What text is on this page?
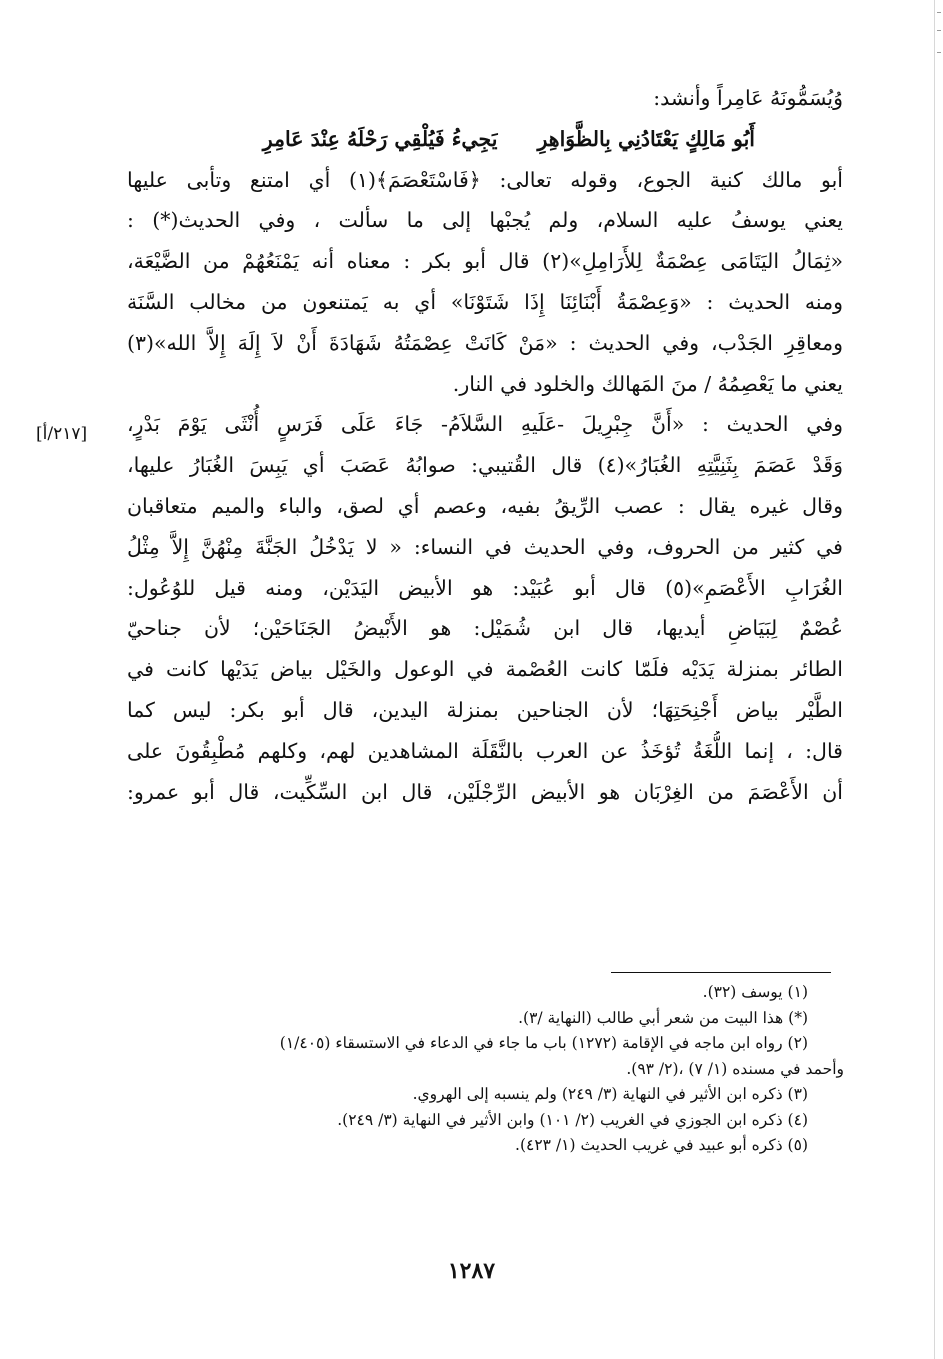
وُيُسَمُّونَهُ عَامِراً وأنشد:
أَبُو مَالِكٍ يَعْتَادُنِي بِالظَّوَاهِرِ
يَجِيءُ فَيُلْقِي رَحْلَهُ عِنْدَ عَامِرِ
أبو مالك كنية الجوع، وقوله تعالى: ﴿فَاسْتَعْصَمَ﴾(١) أي امتنع وتأبى عليها
يعني يوسفُ عليه السلام، ولم يُجبْها إلى ما سألت ، وفي الحديث(*) :
«ثِمَالُ اليَتَامَى عِصْمَةٌ لِلأَرَامِلِ»(٢) قال أبو بكر : معناه أنه يَمْنَعُهُمْ من الضَّيْعَة،
ومنه الحديث : «وَعِصْمَةُ أَبْنَائِنَا إِذَا شَتَوْنَا» أي به يَمتنعون من مخالب السَّنَة
ومعاقِرِ الجَدْب، وفي الحديث : «مَنْ كَانَتْ عِصْمَتُهُ شَهَادَةَ أَنْ لاَ إِلَهَ إِلاَّ الله»(٣)
يعني ما يَعْصِمُهُ / منَ المَهالك والخلود في النار.
وفي الحديث : «أَنَّ جِبْرِيلَ -عَلَيهِ السَّلاَمُ- جَاءَ عَلَى فَرَسٍ أُنْثَى يَوْمَ بَدْرٍ،
وَقَدْ عَصَمَ بِثَنِيَّتِهِ الغُبَارُ»(٤) قال القُتيبي: صوابُهُ عَصَبَ أي يَبِسَ الغُبَارُ عليها،
وقال غيره يقال : عصب الرِّيقُ بفيه، وعصم أي لصق، والباء والميم متعاقبان
في كثير من الحروف، وفي الحديث في النساء: « لا يَدْخُلُ الجَنَّةَ مِنْهُنَّ إِلاَّ مِثْلُ
الغُرَابِ الأَعْصَمِ»(٥) قال أبو عُبَيْد: هو الأبيض اليَدَيْن، ومنه قيل للوُعُول:
عُصْمٌ لِبَيَاضِ أيديها، قال ابن شُمَيْل: هو الأَبْيضُ الجَنَاحَيْن؛ لأن جناحيّ
الطائر بمنزلة يَدَيْه فلَمّا كانت العُصْمة في الوعول والخَيْل بياض يَدَيْها كانت في
الطَّيْر بياض أَجْنِحَتِهَا؛ لأن الجناحين بمنزلة اليدين، قال أبو بكر: ليس كما
قال: ، إنما اللُّغَةُ تُؤخَذُ عن العرب بالنَّقَلَة المشاهدين لهم، وكلهم مُطْبِقُونَ على
أن الأَعْصَمَ من الغِرْبَان هو الأبيض الرِّجْلَيْن، قال ابن السِّكِّيت، قال أبو عمرو:
[٢١٧/أ]
(١) يوسف (٣٢).
(*) هذا البيت من شعر أبي طالب (النهاية /٣).
(٢) رواه ابن ماجه في الإقامة (١٢٧٢) باب ما جاء في الدعاء في الاستسقاء (١/٤٠٥)
وأحمد في مسنده (١/ ٧) ،(٢/ ٩٣).
(٣) ذكره ابن الأثير في النهاية (٣/ ٢٤٩) ولم ينسبه إلى الهروي.
(٤) ذكره ابن الجوزي في الغريب (٢/ ١٠١) وابن الأثير في النهاية (٣/ ٢٤٩).
(٥) ذكره أبو عبيد في غريب الحديث (١/ ٤٢٣).
١٢٨٧
